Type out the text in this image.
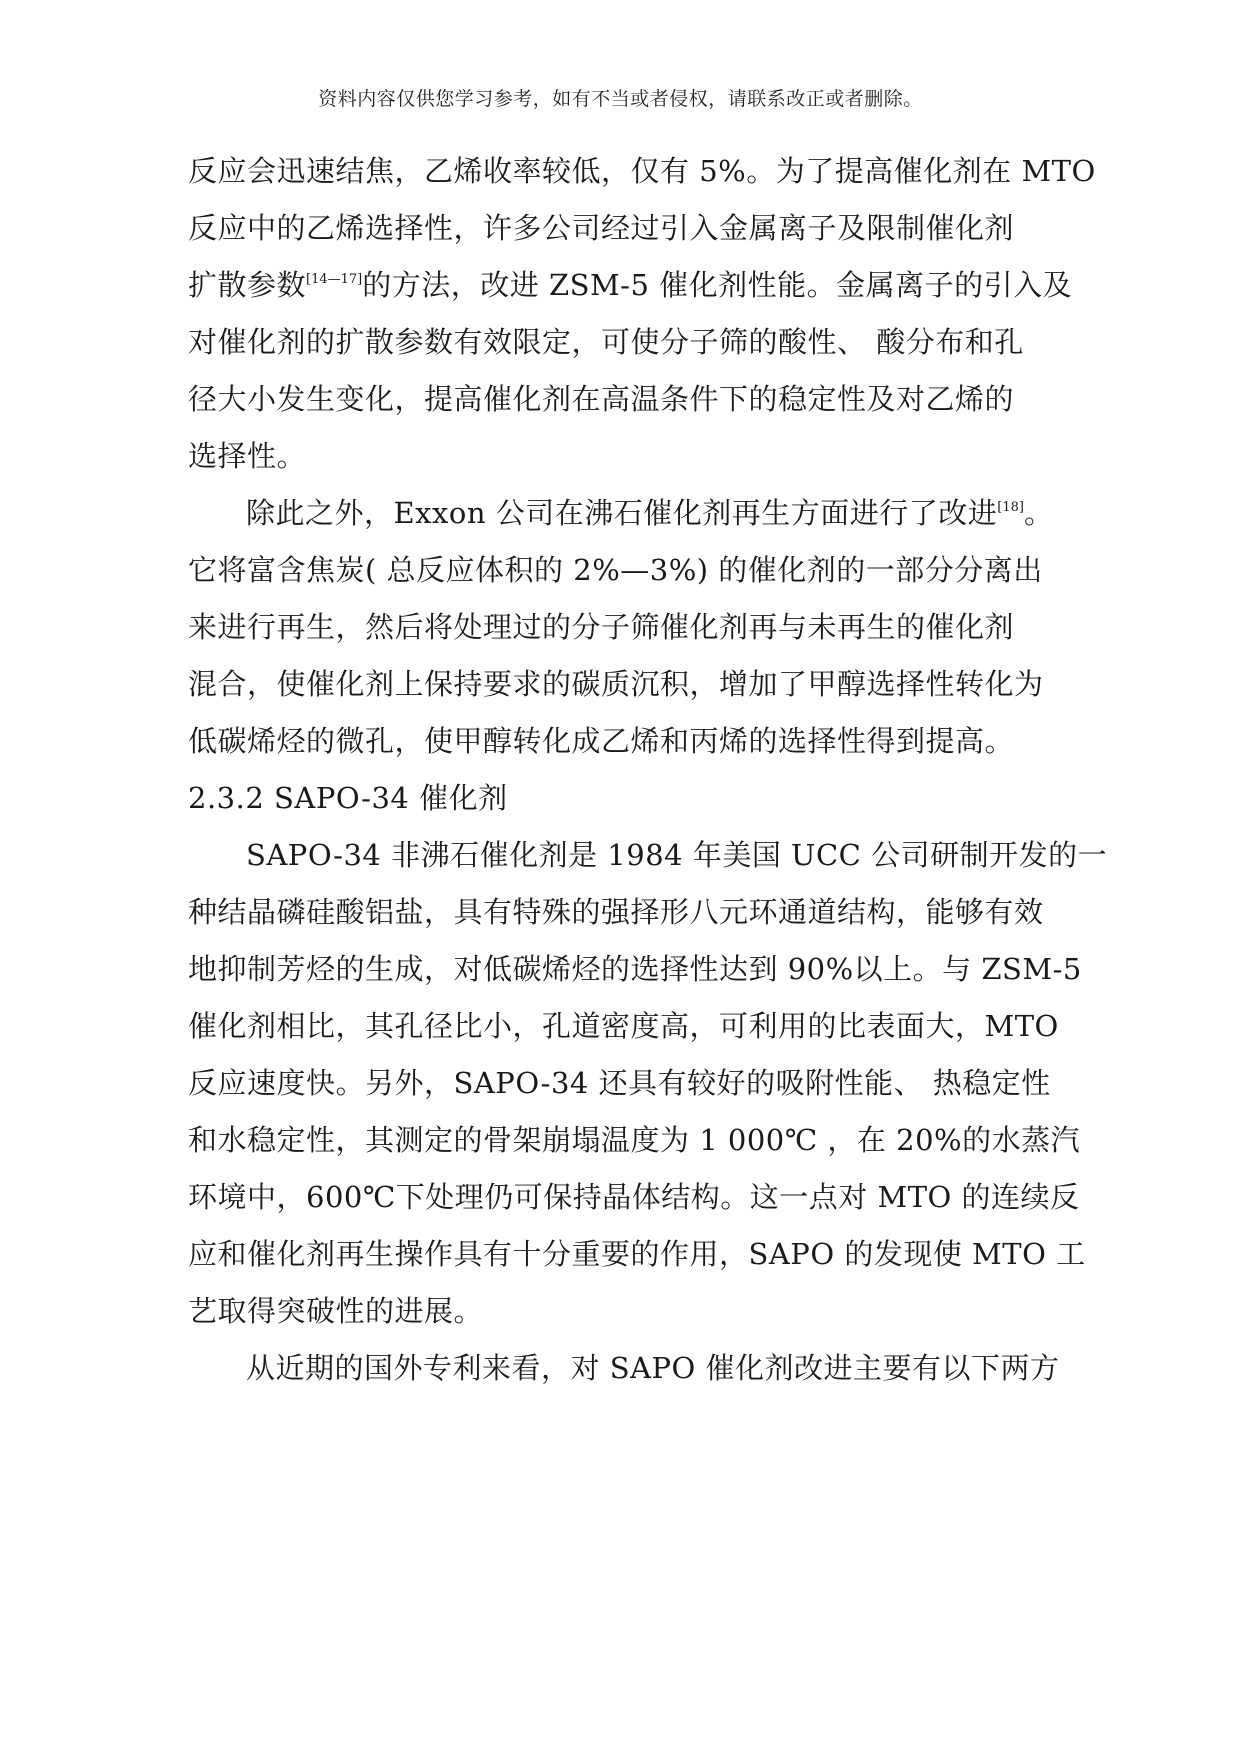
资料内容仅供您学习参考，如有不当或者侵权，请联系改正或者删除。
反应会迅速结焦，乙烯收率较低，仅有 5%。为了提高催化剂在 MTO
反应中的乙烯选择性，许多公司经过引入金属离子及限制催化剂
扩散参数[14—17]的方法，改进 ZSM-5 催化剂性能。金属离子的引入及
对催化剂的扩散参数有效限定，可使分子筛的酸性、 酸分布和孔
径大小发生变化，提高催化剂在高温条件下的稳定性及对乙烯的
选择性。
除此之外，Exxon 公司在沸石催化剂再生方面进行了改进[18]。
它将富含焦炭( 总反应体积的 2%—3%) 的催化剂的一部分分离出
来进行再生，然后将处理过的分子筛催化剂再与未再生的催化剂
混合，使催化剂上保持要求的碳质沉积，增加了甲醇选择性转化为
低碳烯烃的微孔，使甲醇转化成乙烯和丙烯的选择性得到提高。
2.3.2 SAPO-34 催化剂
SAPO-34 非沸石催化剂是 1984 年美国 UCC 公司研制开发的一
种结晶磷硅酸铝盐，具有特殊的强择形八元环通道结构，能够有效
地抑制芳烃的生成，对低碳烯烃的选择性达到 90%以上。与 ZSM-5
催化剂相比，其孔径比小，孔道密度高，可利用的比表面大，MTO
反应速度快。另外，SAPO-34 还具有较好的吸附性能、 热稳定性
和水稳定性，其测定的骨架崩塌温度为 1 000℃ ，在 20%的水蒸汽
环境中，600℃下处理仍可保持晶体结构。这一点对 MTO 的连续反
应和催化剂再生操作具有十分重要的作用，SAPO 的发现使 MTO 工
艺取得突破性的进展。
从近期的国外专利来看，对 SAPO 催化剂改进主要有以下两方
